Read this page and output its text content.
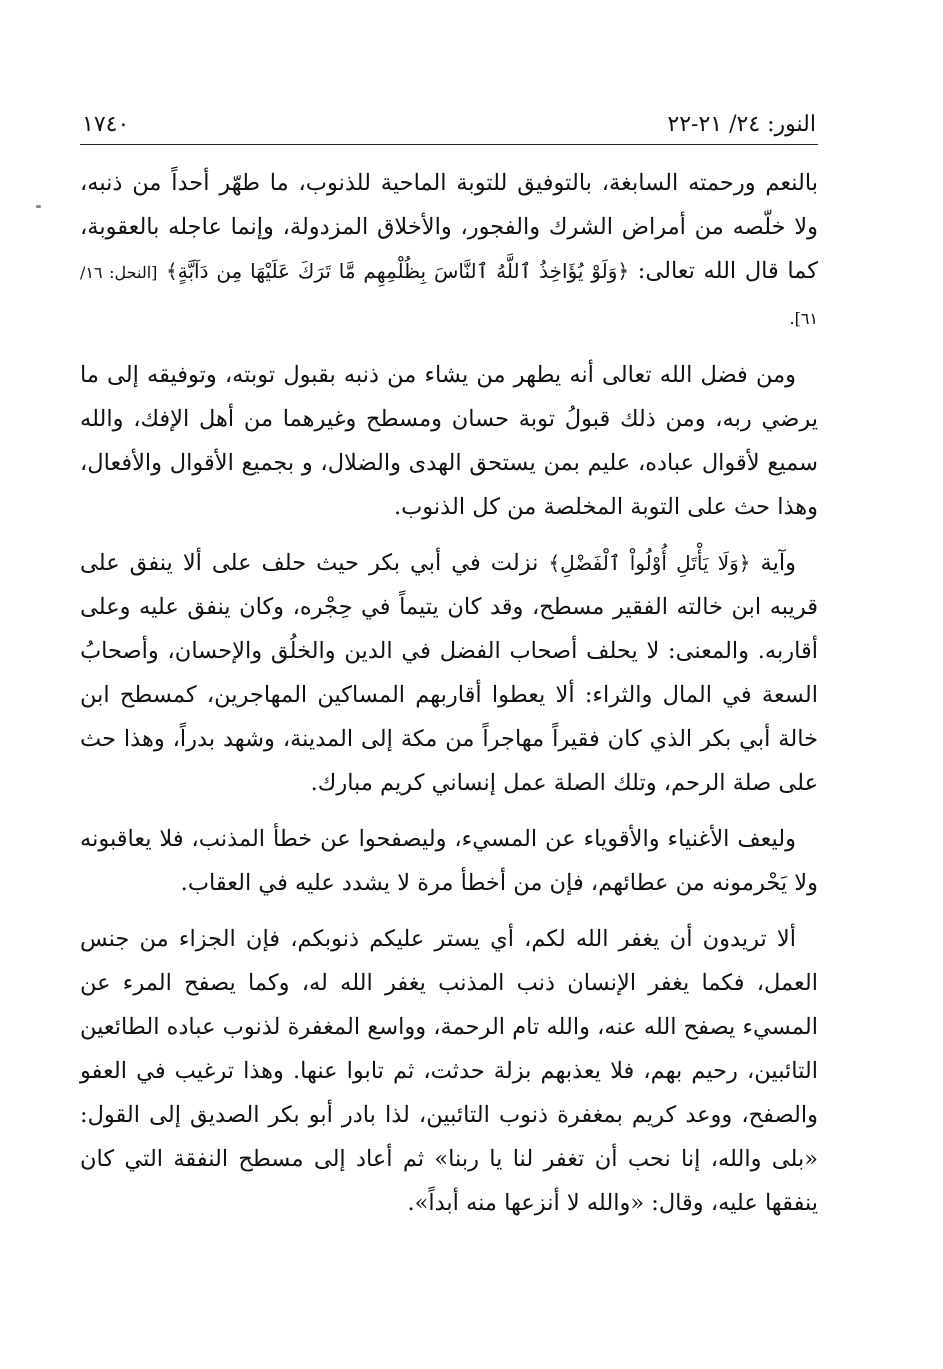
النور: ٢٤/ ٢١-٢٢
١٧٤٠

بالنعم ورحمته السابغة، بالتوفيق للتوبة الماحية للذنوب، ما طهّر أحداً من ذنبه، ولا خلّصه من أمراض الشرك والفجور، والأخلاق المزدولة، وإنما عاجله بالعقوبة، كما قال الله تعالى: ﴿وَلَوْ يُؤَاخِذُ ٱللَّهُ ٱلنَّاسَ بِظُلْمِهِم مَّا تَرَكَ عَلَيْهَا مِن دَآبَّةٍ﴾ [النحل: ١٦/ ٦١].

ومن فضل الله تعالى أنه يطهر من يشاء من ذنبه بقبول توبته، وتوفيقه إلى ما يرضي ربه، ومن ذلك قبولُ توبة حسان ومسطح وغيرهما من أهل الإفك، والله سميع لأقوال عباده، عليم بمن يستحق الهدى والضلال، و بجميع الأقوال والأفعال، وهذا حث على التوبة المخلصة من كل الذنوب.

وآية ﴿وَلَا يَأْتَلِ أُوْلُواْ ٱلْفَضْلِ﴾ نزلت في أبي بكر حيث حلف على ألا ينفق على قريبه ابن خالته الفقير مسطح، وقد كان يتيماً في حِجْره، وكان ينفق عليه وعلى أقاربه. والمعنى: لا يحلف أصحاب الفضل في الدين والخلُق والإحسان، وأصحابُ السعة في المال والثراء: ألا يعطوا أقاربهم المساكين المهاجرين، كمسطح ابن خالة أبي بكر الذي كان فقيراً مهاجراً من مكة إلى المدينة، وشهد بدراً، وهذا حث على صلة الرحم، وتلك الصلة عمل إنساني كريم مبارك.

وليعف الأغنياء والأقوياء عن المسيء، وليصفحوا عن خطأ المذنب، فلا يعاقبونه ولا يَحْرمونه من عطائهم، فإن من أخطأ مرة لا يشدد عليه في العقاب.

ألا تريدون أن يغفر الله لكم، أي يستر عليكم ذنوبكم، فإن الجزاء من جنس العمل، فكما يغفر الإنسان ذنب المذنب يغفر الله له، وكما يصفح المرء عن المسيء يصفح الله عنه، والله تام الرحمة، وواسع المغفرة لذنوب عباده الطائعين التائبين، رحيم بهم، فلا يعذبهم بزلة حدثت، ثم تابوا عنها. وهذا ترغيب في العفو والصفح، ووعد كريم بمغفرة ذنوب التائبين، لذا بادر أبو بكر الصديق إلى القول: «بلى والله، إنا نحب أن تغفر لنا يا ربنا» ثم أعاد إلى مسطح النفقة التي كان ينفقها عليه، وقال: «والله لا أنزعها منه أبداً».
